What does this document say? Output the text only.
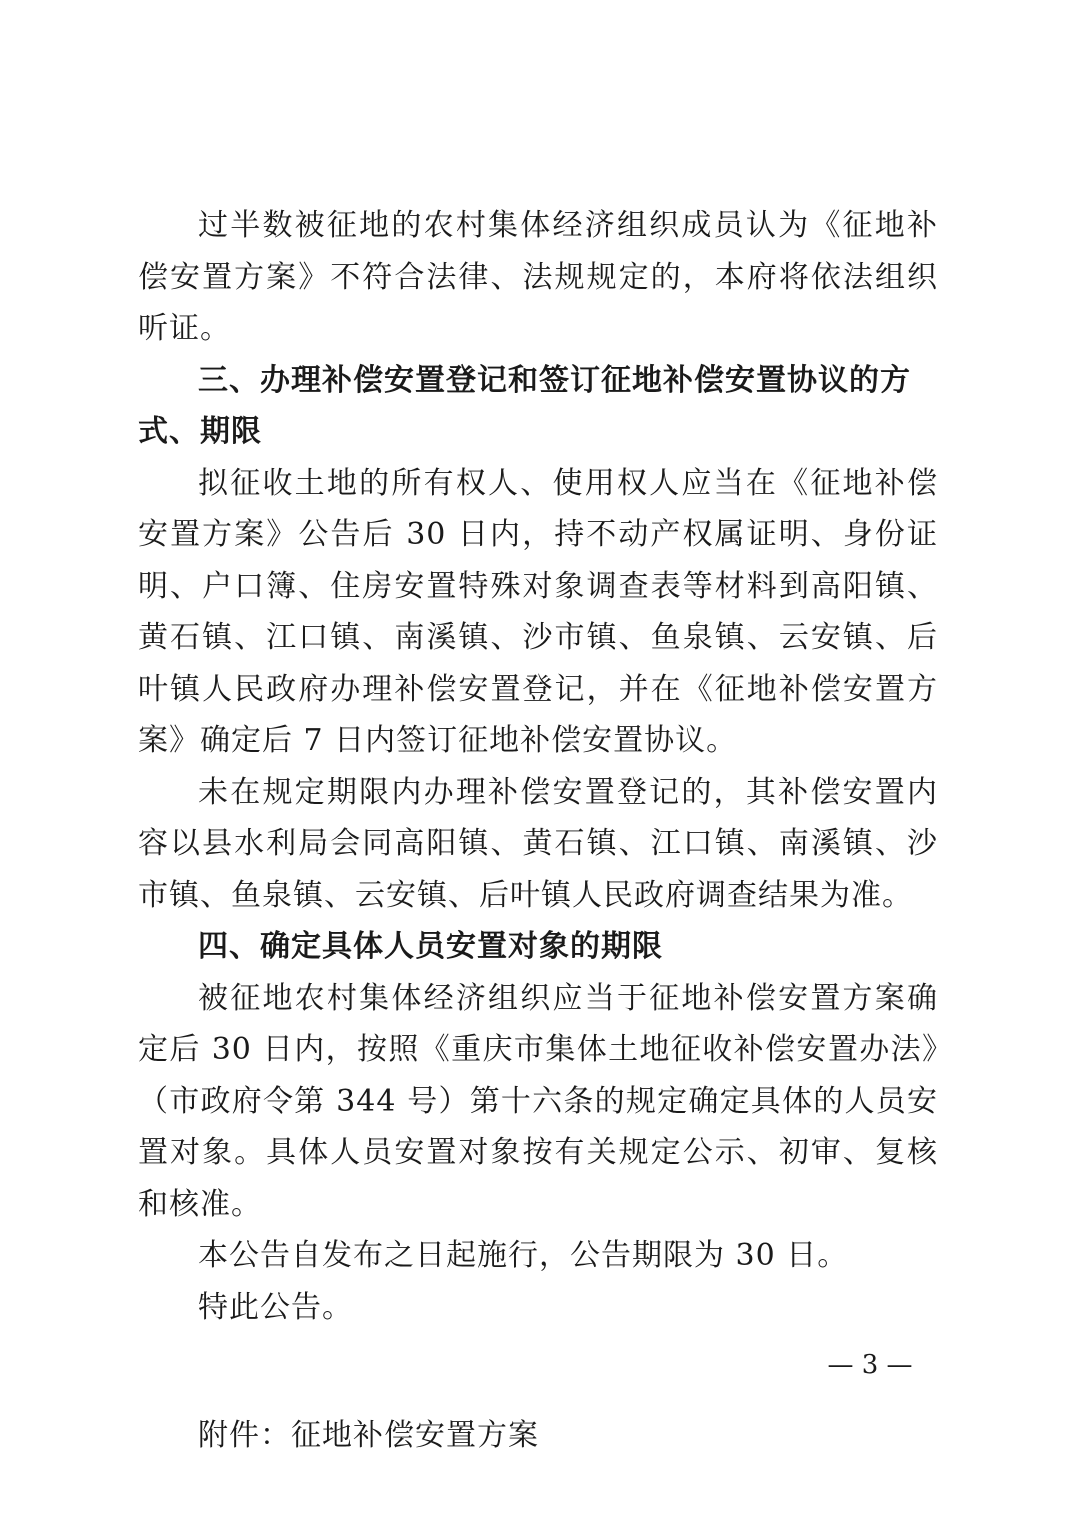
过半数被征地的农村集体经济组织成员认为《征地补偿安置方案》不符合法律、法规规定的，本府将依法组织听证。

三、办理补偿安置登记和签订征地补偿安置协议的方式、期限

拟征收土地的所有权人、使用权人应当在《征地补偿安置方案》公告后 30 日内，持不动产权属证明、身份证明、户口簿、住房安置特殊对象调查表等材料到高阳镇、黄石镇、江口镇、南溪镇、沙市镇、鱼泉镇、云安镇、后叶镇人民政府办理补偿安置登记，并在《征地补偿安置方案》确定后 7 日内签订征地补偿安置协议。

未在规定期限内办理补偿安置登记的，其补偿安置内容以县水利局会同高阳镇、黄石镇、江口镇、南溪镇、沙市镇、鱼泉镇、云安镇、后叶镇人民政府调查结果为准。

四、确定具体人员安置对象的期限

被征地农村集体经济组织应当于征地补偿安置方案确定后 30 日内，按照《重庆市集体土地征收补偿安置办法》（市政府令第 344 号）第十六条的规定确定具体的人员安置对象。具体人员安置对象按有关规定公示、初审、复核和核准。

本公告自发布之日起施行，公告期限为 30 日。

特此公告。

附件：征地补偿安置方案

— 3 —
